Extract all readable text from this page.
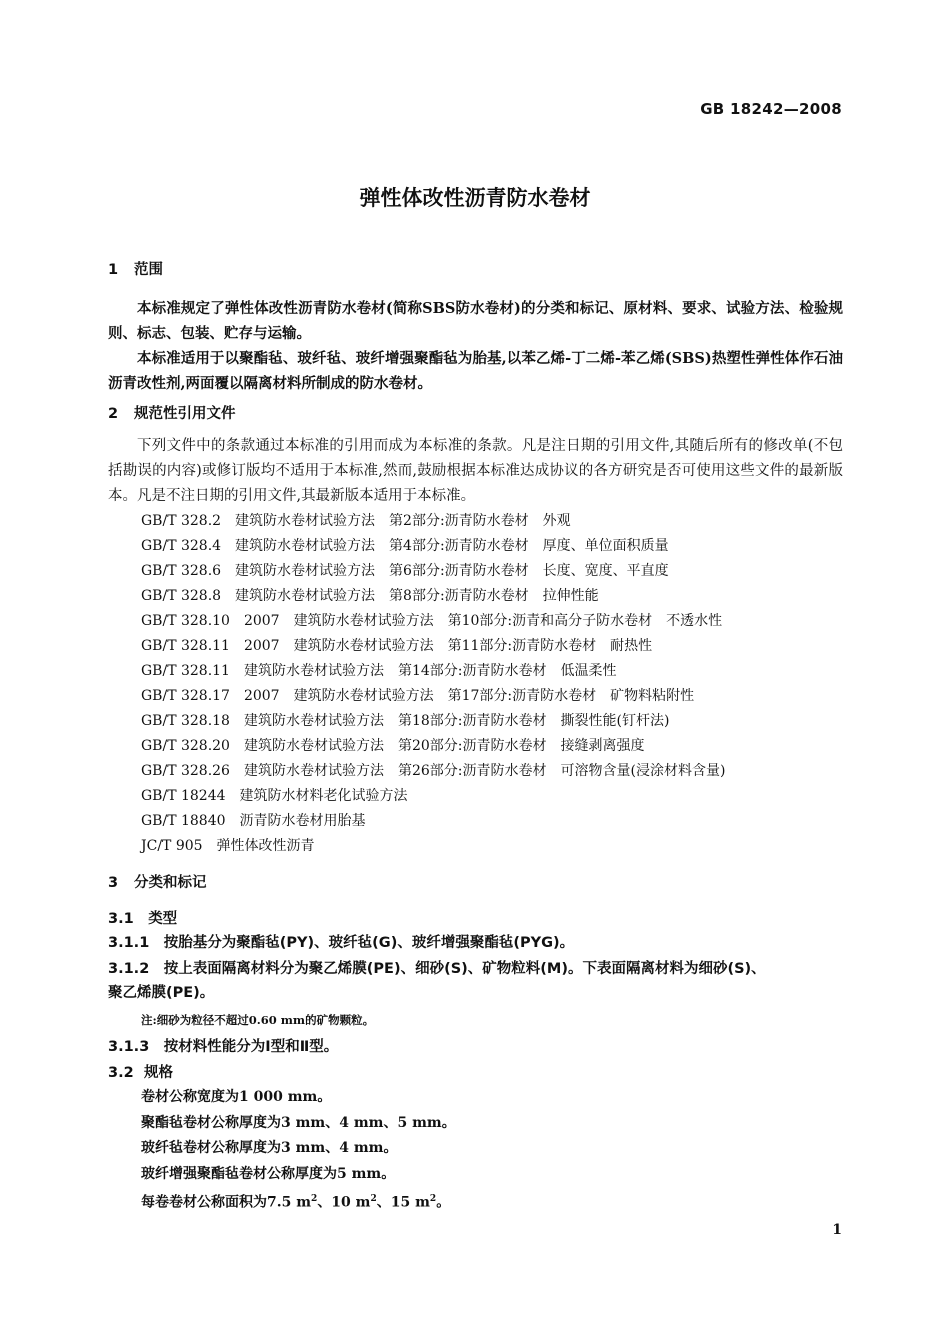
GB 18242—2008
弹性体改性沥青防水卷材
1 范围
本标准规定了弹性体改性沥青防水卷材(简称SBS防水卷材)的分类和标记、原材料、要求、试验方法、检验规则、标志、包装、贮存与运输。
本标准适用于以聚酯毡、玻纤毡、玻纤增强聚酯毡为胎基,以苯乙烯-丁二烯-苯乙烯(SBS)热塑性弹性体作石油沥青改性剂,两面覆以隔离材料所制成的防水卷材。
2 规范性引用文件
下列文件中的条款通过本标准的引用而成为本标准的条款。凡是注日期的引用文件,其随后所有的修改单(不包括勘误的内容)或修订版均不适用于本标准,然而,鼓励根据本标准达成协议的各方研究是否可使用这些文件的最新版本。凡是不注日期的引用文件,其最新版本适用于本标准。
GB/T 328.2　建筑防水卷材试验方法　第2部分:沥青防水卷材　外观
GB/T 328.4　建筑防水卷材试验方法　第4部分:沥青防水卷材　厚度、单位面积质量
GB/T 328.6　建筑防水卷材试验方法　第6部分:沥青防水卷材　长度、宽度、平直度
GB/T 328.8　建筑防水卷材试验方法　第8部分:沥青防水卷材　拉伸性能
GB/T 328.10　2007　建筑防水卷材试验方法　第10部分:沥青和高分子防水卷材　不透水性
GB/T 328.11　2007　建筑防水卷材试验方法　第11部分:沥青防水卷材　耐热性
GB/T 328.11　建筑防水卷材试验方法　第14部分:沥青防水卷材　低温柔性
GB/T 328.17　2007　建筑防水卷材试验方法　第17部分:沥青防水卷材　矿物料粘附性
GB/T 328.18　建筑防水卷材试验方法　第18部分:沥青防水卷材　撕裂性能(钉杆法)
GB/T 328.20　建筑防水卷材试验方法　第20部分:沥青防水卷材　接缝剥离强度
GB/T 328.26　建筑防水卷材试验方法　第26部分:沥青防水卷材　可溶物含量(浸涂材料含量)
GB/T 18244　建筑防水材料老化试验方法
GB/T 18840　沥青防水卷材用胎基
JC/T 905　弹性体改性沥青
3 分类和标记
3.1　 类型
3.1.1　 按胎基分为聚酯毡(PY)、玻纤毡(G)、玻纤增强聚酯毡(PYG)。
3.1.2　 按上表面隔离材料分为聚乙烯膜(PE)、细砂(S)、矿物粒料(M)。下表面隔离材料为细砂(S)、
聚乙烯膜(PE)。
注:细砂为粒径不超过0.60 mm的矿物颗粒。
3.1.3　 按材料性能分为Ⅰ型和Ⅱ型。
3.2 规格
卷材公称宽度为1 000 mm。
聚酯毡卷材公称厚度为3 mm、4 mm、5 mm。
玻纤毡卷材公称厚度为3 mm、4 mm。
玻纤增强聚酯毡卷材公称厚度为5 mm。
每卷卷材公称面积为7.5 $m^2$、10 $m^2$、15 $m^2$。
1
